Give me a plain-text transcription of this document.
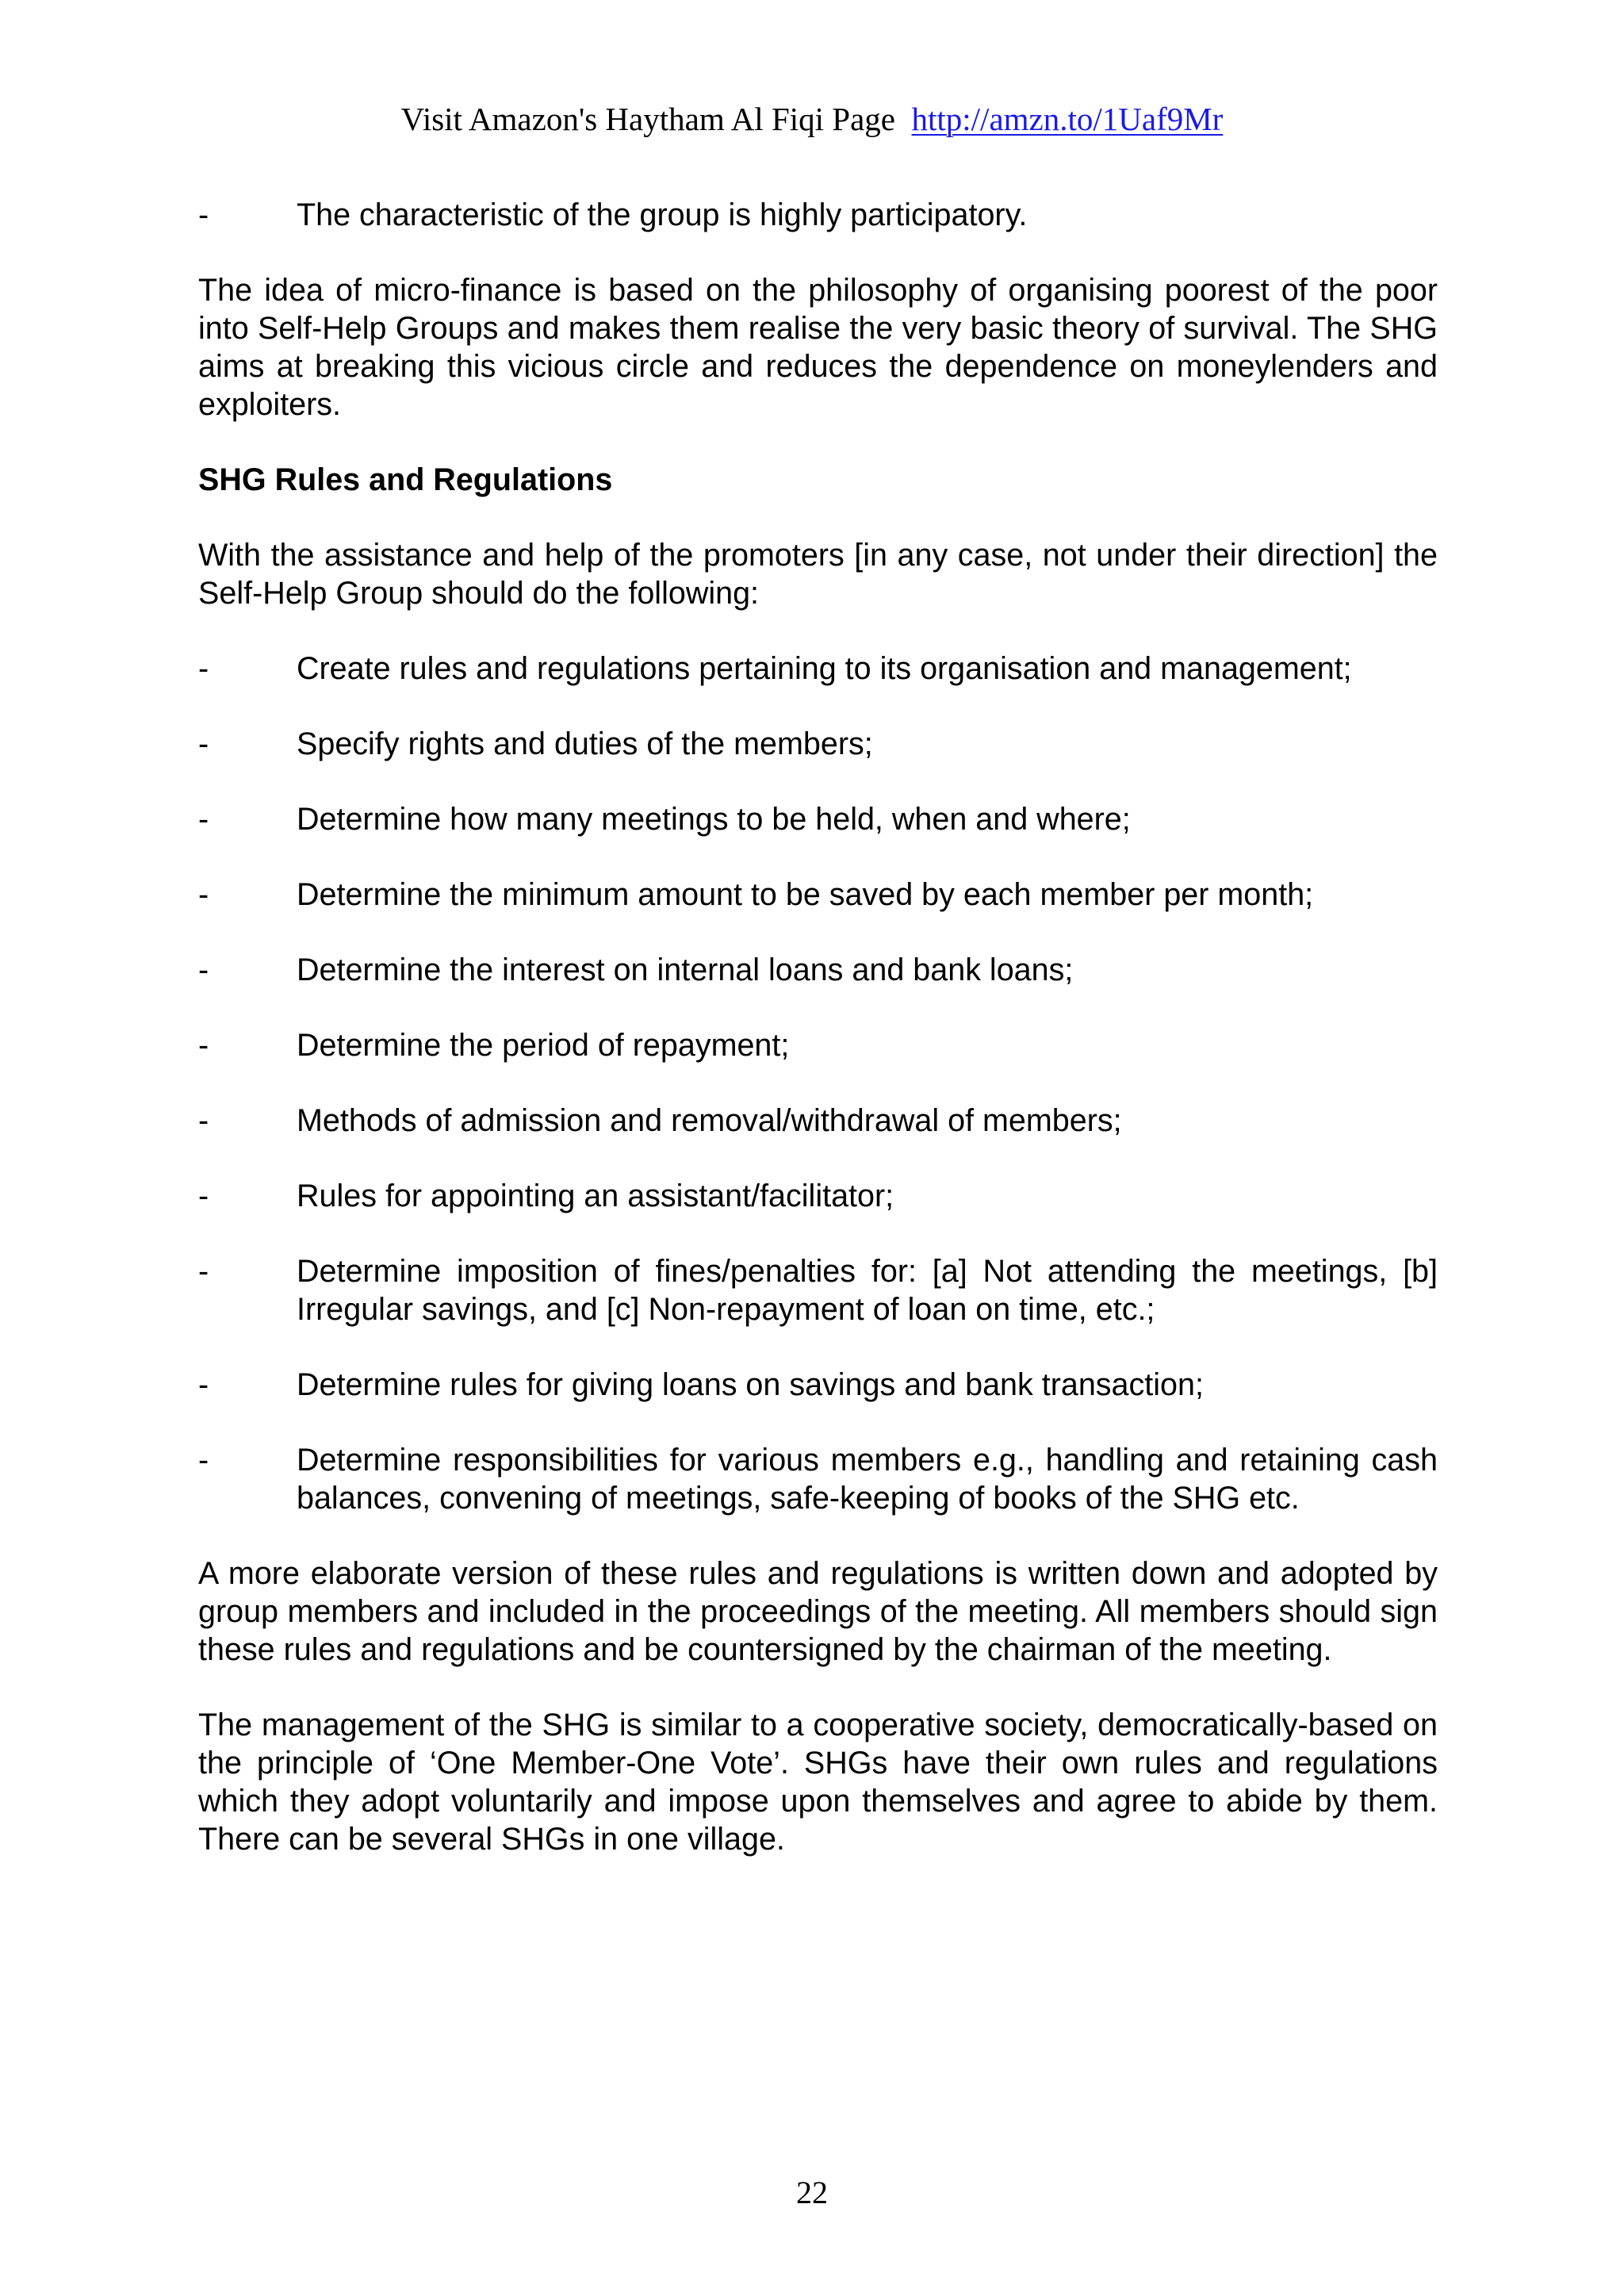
Visit Amazon's Haytham Al Fiqi Page http://amzn.to/1Uaf9Mr
-	The characteristic of the group is highly participatory.

The idea of micro-finance is based on the philosophy of organising poorest of the poor into Self-Help Groups and makes them realise the very basic theory of survival. The SHG aims at breaking this vicious circle and reduces the dependence on moneylenders and exploiters.

SHG Rules and Regulations

With the assistance and help of the promoters [in any case, not under their direction] the Self-Help Group should do the following:

-	Create rules and regulations pertaining to its organisation and management;
-	Specify rights and duties of the members;
-	Determine how many meetings to be held, when and where;
-	Determine the minimum amount to be saved by each member per month;
-	Determine the interest on internal loans and bank loans;
-	Determine the period of repayment;
-	Methods of admission and removal/withdrawal of members;
-	Rules for appointing an assistant/facilitator;
-	Determine imposition of fines/penalties for: [a] Not attending the meetings, [b] Irregular savings, and [c] Non-repayment of loan on time, etc.;
-	Determine rules for giving loans on savings and bank transaction;
-	Determine responsibilities for various members e.g., handling and retaining cash balances, convening of meetings, safe-keeping of books of the SHG etc.

A more elaborate version of these rules and regulations is written down and adopted by group members and included in the proceedings of the meeting. All members should sign these rules and regulations and be countersigned by the chairman of the meeting.

The management of the SHG is similar to a cooperative society, democratically-based on the principle of ‘One Member-One Vote’. SHGs have their own rules and regulations which they adopt voluntarily and impose upon themselves and agree to abide by them. There can be several SHGs in one village.

22
